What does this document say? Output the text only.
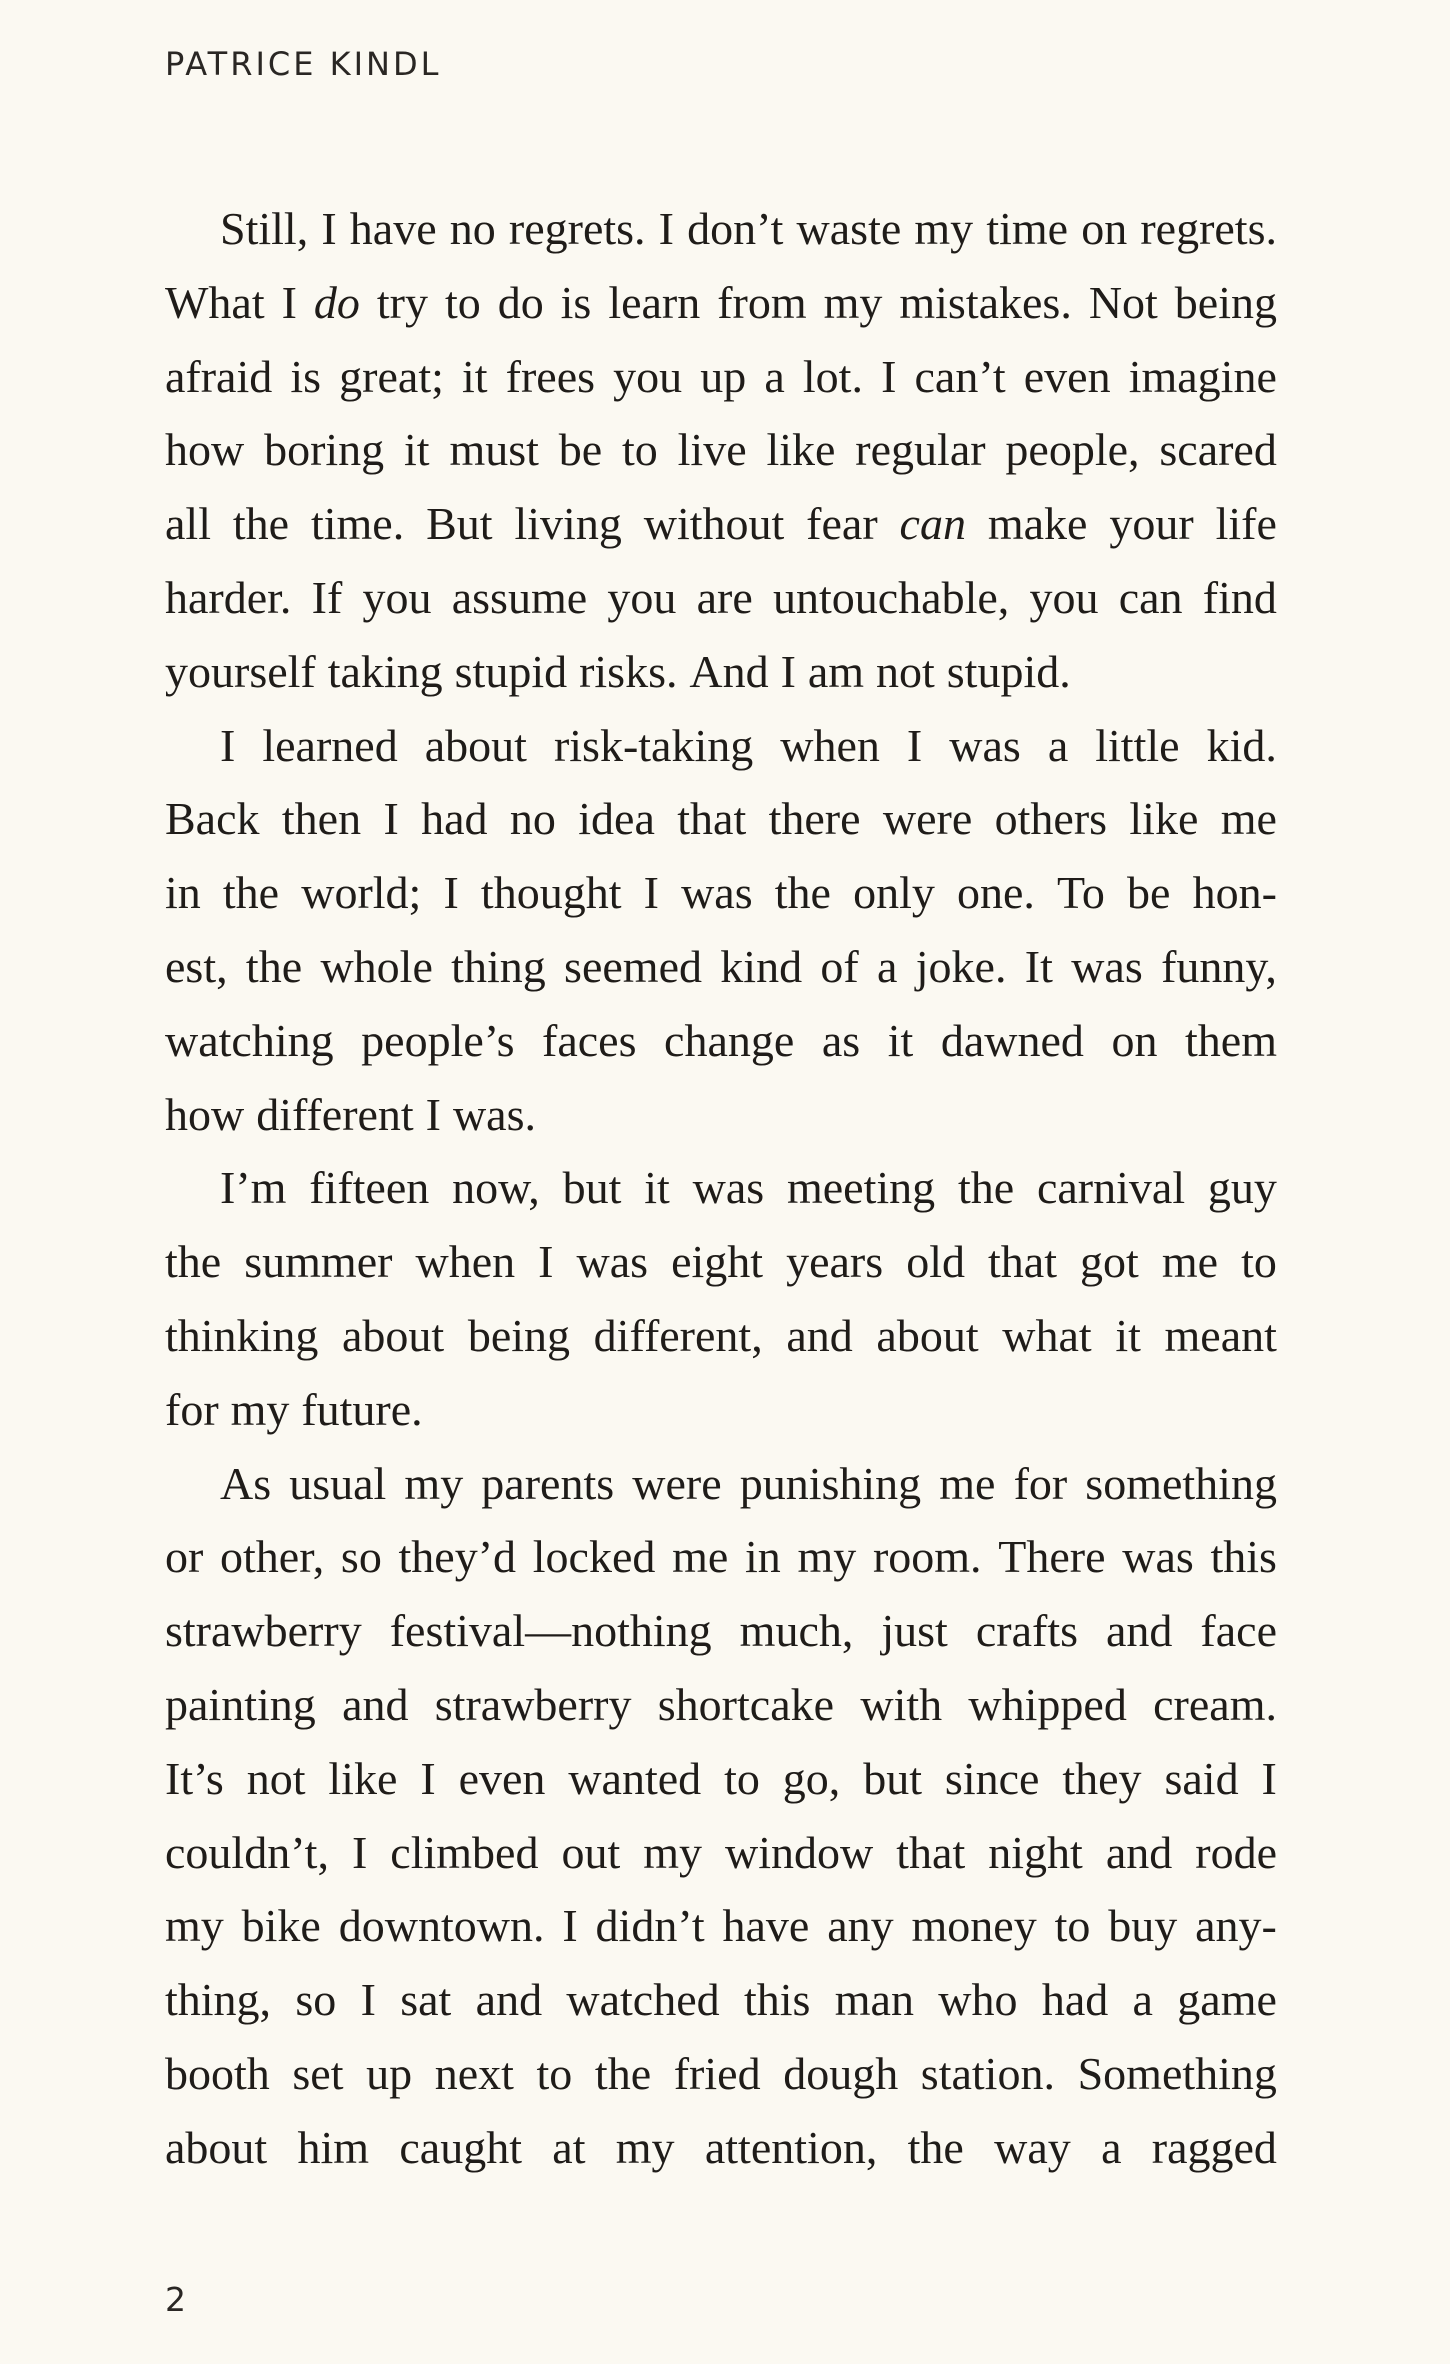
PATRICE KINDL
Still, I have no regrets. I don’t waste my time on regrets.
What I do try to do is learn from my mistakes. Not being
afraid is great; it frees you up a lot. I can’t even imagine
how boring it must be to live like regular people, scared
all the time. But living without fear can make your life
harder. If you assume you are untouchable, you can find
yourself taking stupid risks. And I am not stupid.
I learned about risk-taking when I was a little kid.
Back then I had no idea that there were others like me
in the world; I thought I was the only one. To be hon-
est, the whole thing seemed kind of a joke. It was funny,
watching people’s faces change as it dawned on them
how different I was.
I’m fifteen now, but it was meeting the carnival guy
the summer when I was eight years old that got me to
thinking about being different, and about what it meant
for my future.
As usual my parents were punishing me for something
or other, so they’d locked me in my room. There was this
strawberry festival—nothing much, just crafts and face
painting and strawberry shortcake with whipped cream.
It’s not like I even wanted to go, but since they said I
couldn’t, I climbed out my window that night and rode
my bike downtown. I didn’t have any money to buy any-
thing, so I sat and watched this man who had a game
booth set up next to the fried dough station. Something
about him caught at my attention, the way a ragged
2
